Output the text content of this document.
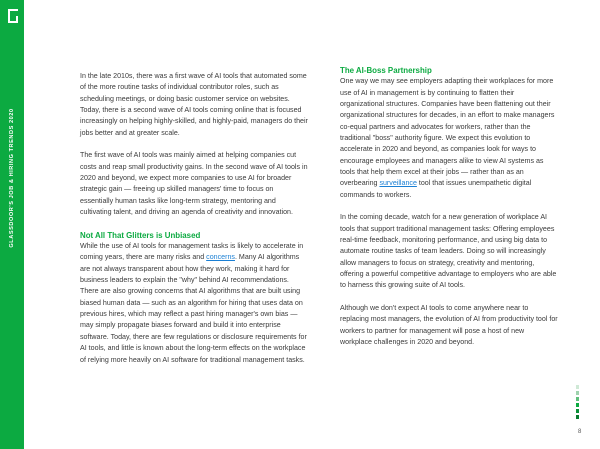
GLASSDOOR'S JOB & HIRING TRENDS 2020

In the late 2010s, there was a first wave of AI tools that automated some of the more routine tasks of individual contributor roles, such as scheduling meetings, or doing basic customer service on websites. Today, there is a second wave of AI tools coming online that is focused increasingly on helping highly-skilled, and highly-paid, managers do their jobs better and at greater scale.

The first wave of AI tools was mainly aimed at helping companies cut costs and reap small productivity gains. In the second wave of AI tools in 2020 and beyond, we expect more companies to use AI for broader strategic gain — freeing up skilled managers' time to focus on essentially human tasks like long-term strategy, mentoring and cultivating talent, and driving an agenda of creativity and innovation.

Not All That Glitters is Unbiased

While the use of AI tools for management tasks is likely to accelerate in coming years, there are many risks and concerns. Many AI algorithms are not always transparent about how they work, making it hard for business leaders to explain the "why" behind AI recommendations. There are also growing concerns that AI algorithms that are built using biased human data — such as an algorithm for hiring that uses data on previous hires, which may reflect a past hiring manager's own bias — may simply propagate biases forward and build it into enterprise software. Today, there are few regulations or disclosure requirements for AI tools, and little is known about the long-term effects on the workplace of relying more heavily on AI software for traditional management tasks.

The AI-Boss Partnership

One way we may see employers adapting their workplaces for more use of AI in management is by continuing to flatten their organizational structures. Companies have been flattening out their organizational structures for decades, in an effort to make managers co-equal partners and advocates for workers, rather than the traditional "boss" authority figure. We expect this evolution to accelerate in 2020 and beyond, as companies look for ways to encourage employees and managers alike to view AI systems as tools that help them excel at their jobs — rather than as an overbearing surveillance tool that issues unempathetic digital commands to workers.

In the coming decade, watch for a new generation of workplace AI tools that support traditional management tasks: Offering employees real-time feedback, monitoring performance, and using big data to automate routine tasks of team leaders. Doing so will increasingly allow managers to focus on strategy, creativity and mentoring, offering a powerful competitive advantage to employers who are able to harness this growing suite of AI tools.

Although we don't expect AI tools to come anywhere near to replacing most managers, the evolution of AI from productivity tool for workers to partner for management will pose a host of new workplace challenges in 2020 and beyond.

8
